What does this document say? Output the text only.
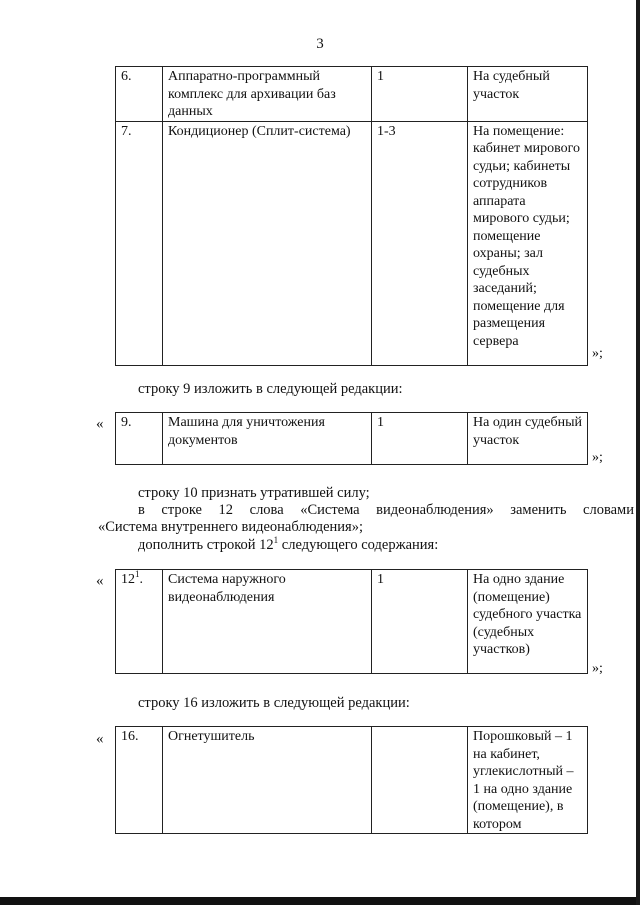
3
6.	Аппаратно-программный комплекс для архивации баз данных	1	На судебный участок
7.	Кондиционер (Сплит-система)	1-3	На помещение: кабинет мирового судьи; кабинеты сотрудников аппарата мирового судьи; помещение охраны; зал судебных заседаний; помещение для размещения сервера
»;
строку 9 изложить в следующей редакции:
« 9.	Машина для уничтожения документов	1	На один судебный участок
»;
строку 10 признать утратившей силу;
в строке 12 слова «Система видеонаблюдения» заменить словами
«Система внутреннего видеонаблюдения»;
дополнить строкой $12^1$ следующего содержания:
« $12^1$.	Система наружного видеонаблюдения	1	На одно здание (помещение) судебного участка (судебных участков)
»;
строку 16 изложить в следующей редакции:
« 16.	Огнетушитель		Порошковый – 1 на кабинет, углекислотный – 1 на одно здание (помещение), в котором
